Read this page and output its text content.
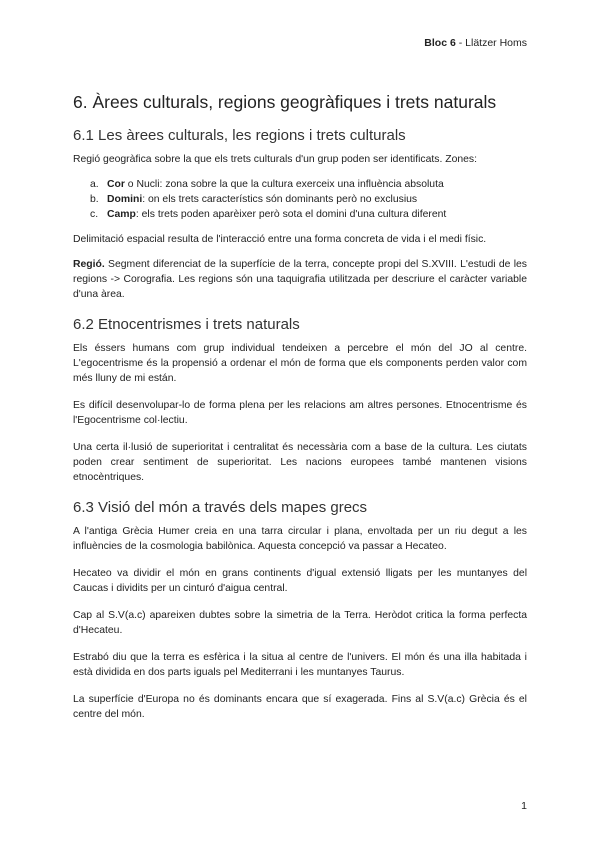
Bloc 6 - Llätzer Homs
6. Àrees culturals, regions geogràfiques i trets naturals
6.1 Les àrees culturals, les regions i trets culturals

Regió geogràfica sobre la que els trets culturals d'un grup poden ser identificats. Zones:

a. Cor o Nucli: zona sobre la que la cultura exerceix una influència absoluta
b. Domini: on els trets característics són dominants però no exclusius
c. Camp: els trets poden aparèixer però sota el domini d'una cultura diferent

Delimitació espacial resulta de l'interacció entre una forma concreta de vida i el medi físic.

Regió. Segment diferenciat de la superfície de la terra, concepte propi del S.XVIII. L'estudi de les regions -> Corografia. Les regions són una taquigrafia utilitzada per descriure el caràcter variable d'una àrea.

6.2 Etnocentrismes i trets naturals

Els éssers humans com grup individual tendeixen a percebre el món del JO al centre. L'egocentrisme és la propensió a ordenar el món de forma que els components perden valor com més lluny de mi están.

Es difícil desenvolupar-lo de forma plena per les relacions am altres persones. Etnocentrisme és l'Egocentrisme col·lectiu.

Una certa il·lusió de superioritat i centralitat és necessària com a base de la cultura. Les ciutats poden crear sentiment de superioritat. Les nacions europees també mantenen visions etnocèntriques.

6.3 Visió del món a través dels mapes grecs

A l'antiga Grècia Humer creia en una tarra circular i plana, envoltada per un riu degut a les influències de la cosmologia babilònica. Aquesta concepció va passar a Hecateo.

Hecateo va dividir el món en grans continents d'igual extensió lligats per les muntanyes del Caucas i dividits per un cinturó d'aigua central.

Cap al S.V(a.c) apareixen dubtes sobre la simetria de la Terra. Heròdot critica la forma perfecta d'Hecateu.

Estrabó diu que la terra es esfèrica i la situa al centre de l'univers. El món és una illa habitada i està dividida en dos parts iguals pel Mediterrani i les muntanyes Taurus.

La superfície d'Europa no és dominants encara que sí exagerada. Fins al S.V(a.c) Grècia és el centre del món.

1
